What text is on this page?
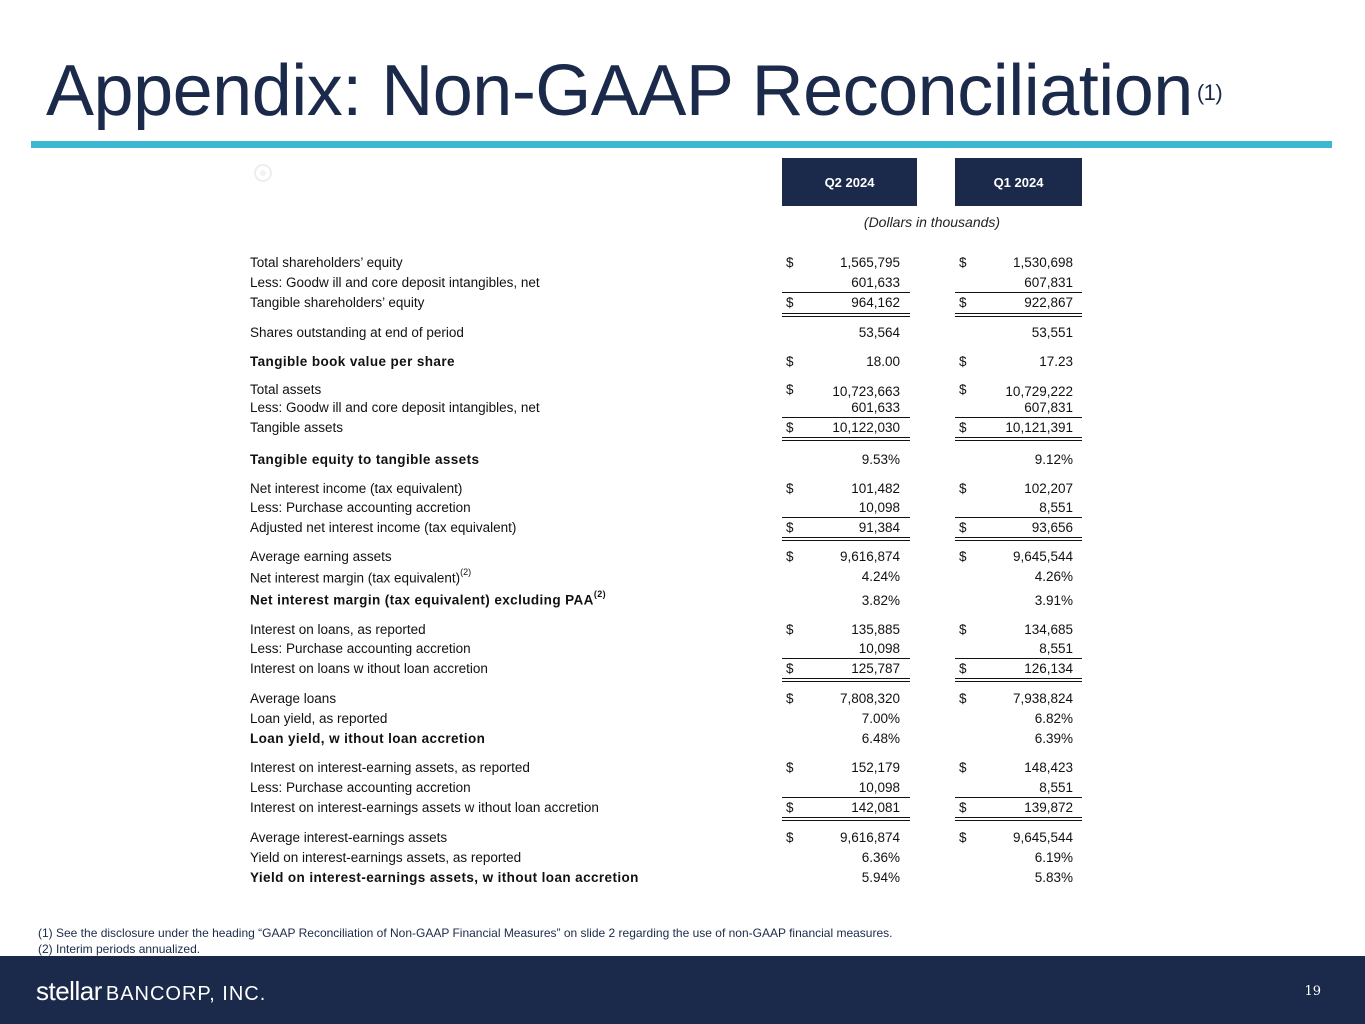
Appendix: Non-GAAP Reconciliation $^{(1)}$
Q2 2024	Q1 2024
(Dollars in thousands)
Total shareholders’ equity	$	1,565,795	$	1,530,698
Less: Goodw ill and core deposit intangibles, net	601,633	607,831
Tangible shareholders’ equity	$	964,162	$	922,867
Shares outstanding at end of period	53,564	53,551
Tangible book value per share	$	18.00	$	17.23
Total assets	$	10,723,663	$	10,729,222
Less: Goodw ill and core deposit intangibles, net	601,633	607,831
Tangible assets	$	10,122,030	$	10,121,391
Tangible equity to tangible assets	9.53%	9.12%
Net interest income (tax equivalent)	$	101,482	$	102,207
Less: Purchase accounting accretion	10,098	8,551
Adjusted net interest income (tax equivalent)	$	91,384	$	93,656
Average earning assets	$	9,616,874	$	9,645,544
Net interest margin (tax equivalent)$^{(2)}$	4.24%	4.26%
Net interest margin (tax equivalent) excluding PAA$^{(2)}$	3.82%	3.91%
Interest on loans, as reported	$	135,885	$	134,685
Less: Purchase accounting accretion	10,098	8,551
Interest on loans w ithout loan accretion	$	125,787	$	126,134
Average loans	$	7,808,320	$	7,938,824
Loan yield, as reported	7.00%	6.82%
Loan yield, w ithout loan accretion	6.48%	6.39%
Interest on interest-earning assets, as reported	$	152,179	$	148,423
Less: Purchase accounting accretion	10,098	8,551
Interest on interest-earnings assets w ithout loan accretion	$	142,081	$	139,872
Average interest-earnings assets	$	9,616,874	$	9,645,544
Yield on interest-earnings assets, as reported	6.36%	6.19%
Yield on interest-earnings assets, w ithout loan accretion	5.94%	5.83%
(1) See the disclosure under the heading “GAAP Reconciliation of Non-GAAP Financial Measures” on slide 2 regarding the use of non-GAAP financial measures.
(2) Interim periods annualized.
stellar BANCORP, INC.	19
